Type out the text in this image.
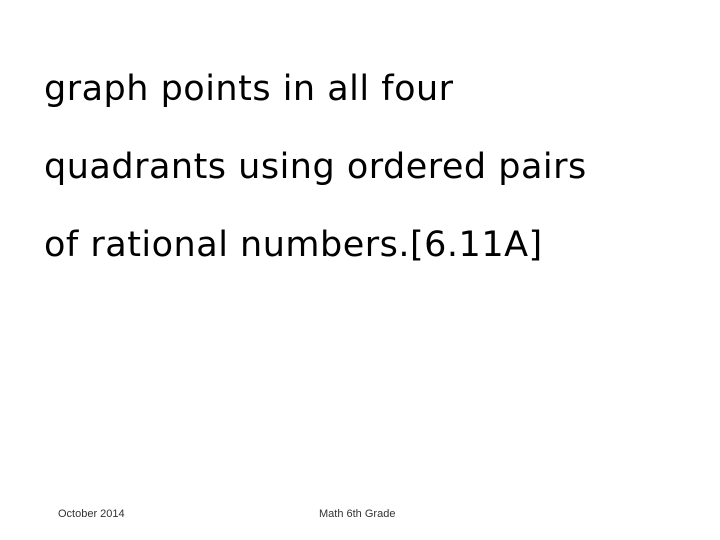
graph points in all four
quadrants using ordered pairs
of rational numbers.[6.11A]
October 2014	Math 6th Grade
